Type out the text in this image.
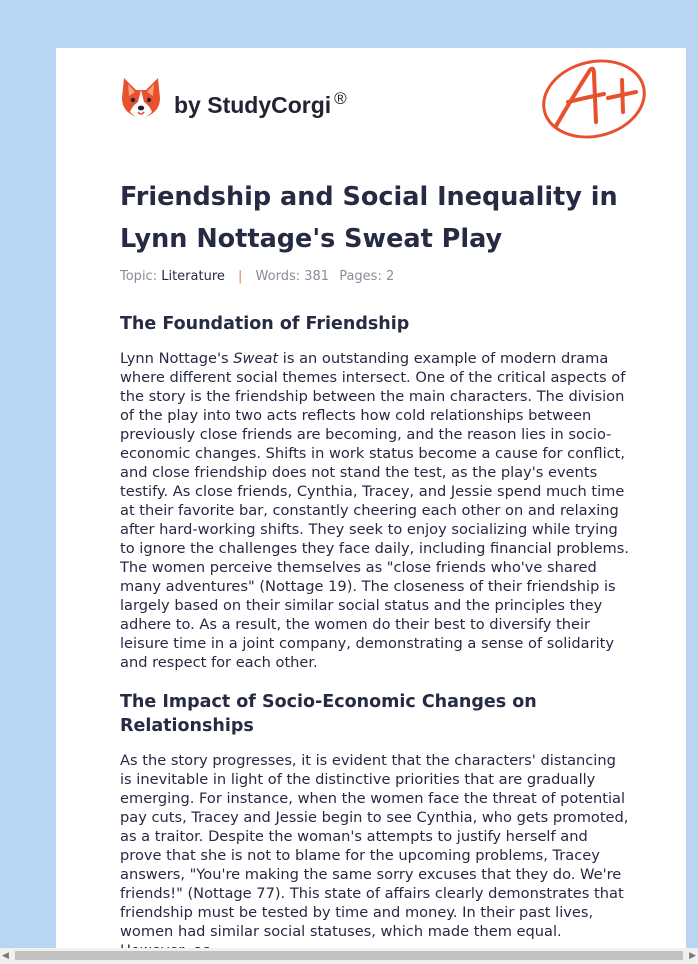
by StudyCorgi ®
Friendship and Social Inequality in Lynn Nottage's Sweat Play
Topic: Literature | Words: 381 Pages: 2
The Foundation of Friendship

Lynn Nottage's Sweat is an outstanding example of modern drama where different social themes intersect. One of the critical aspects of the story is the friendship between the main characters. The division of the play into two acts reflects how cold relationships between previously close friends are becoming, and the reason lies in socio-economic changes. Shifts in work status become a cause for conflict, and close friendship does not stand the test, as the play's events testify. As close friends, Cynthia, Tracey, and Jessie spend much time at their favorite bar, constantly cheering each other on and relaxing after hard-working shifts. They seek to enjoy socializing while trying to ignore the challenges they face daily, including financial problems. The women perceive themselves as "close friends who've shared many adventures" (Nottage 19). The closeness of their friendship is largely based on their similar social status and the principles they adhere to. As a result, the women do their best to diversify their leisure time in a joint company, demonstrating a sense of solidarity and respect for each other.

The Impact of Socio-Economic Changes on Relationships

As the story progresses, it is evident that the characters' distancing is inevitable in light of the distinctive priorities that are gradually emerging. For instance, when the women face the threat of potential pay cuts, Tracey and Jessie begin to see Cynthia, who gets promoted, as a traitor. Despite the woman's attempts to justify herself and prove that she is not to blame for the upcoming problems, Tracey answers, "You're making the same sorry excuses that they do. We're friends!" (Nottage 77). This state of affairs clearly demonstrates that friendship must be tested by time and money. In their past lives, women had similar social statuses, which made them equal.

◀	▶
